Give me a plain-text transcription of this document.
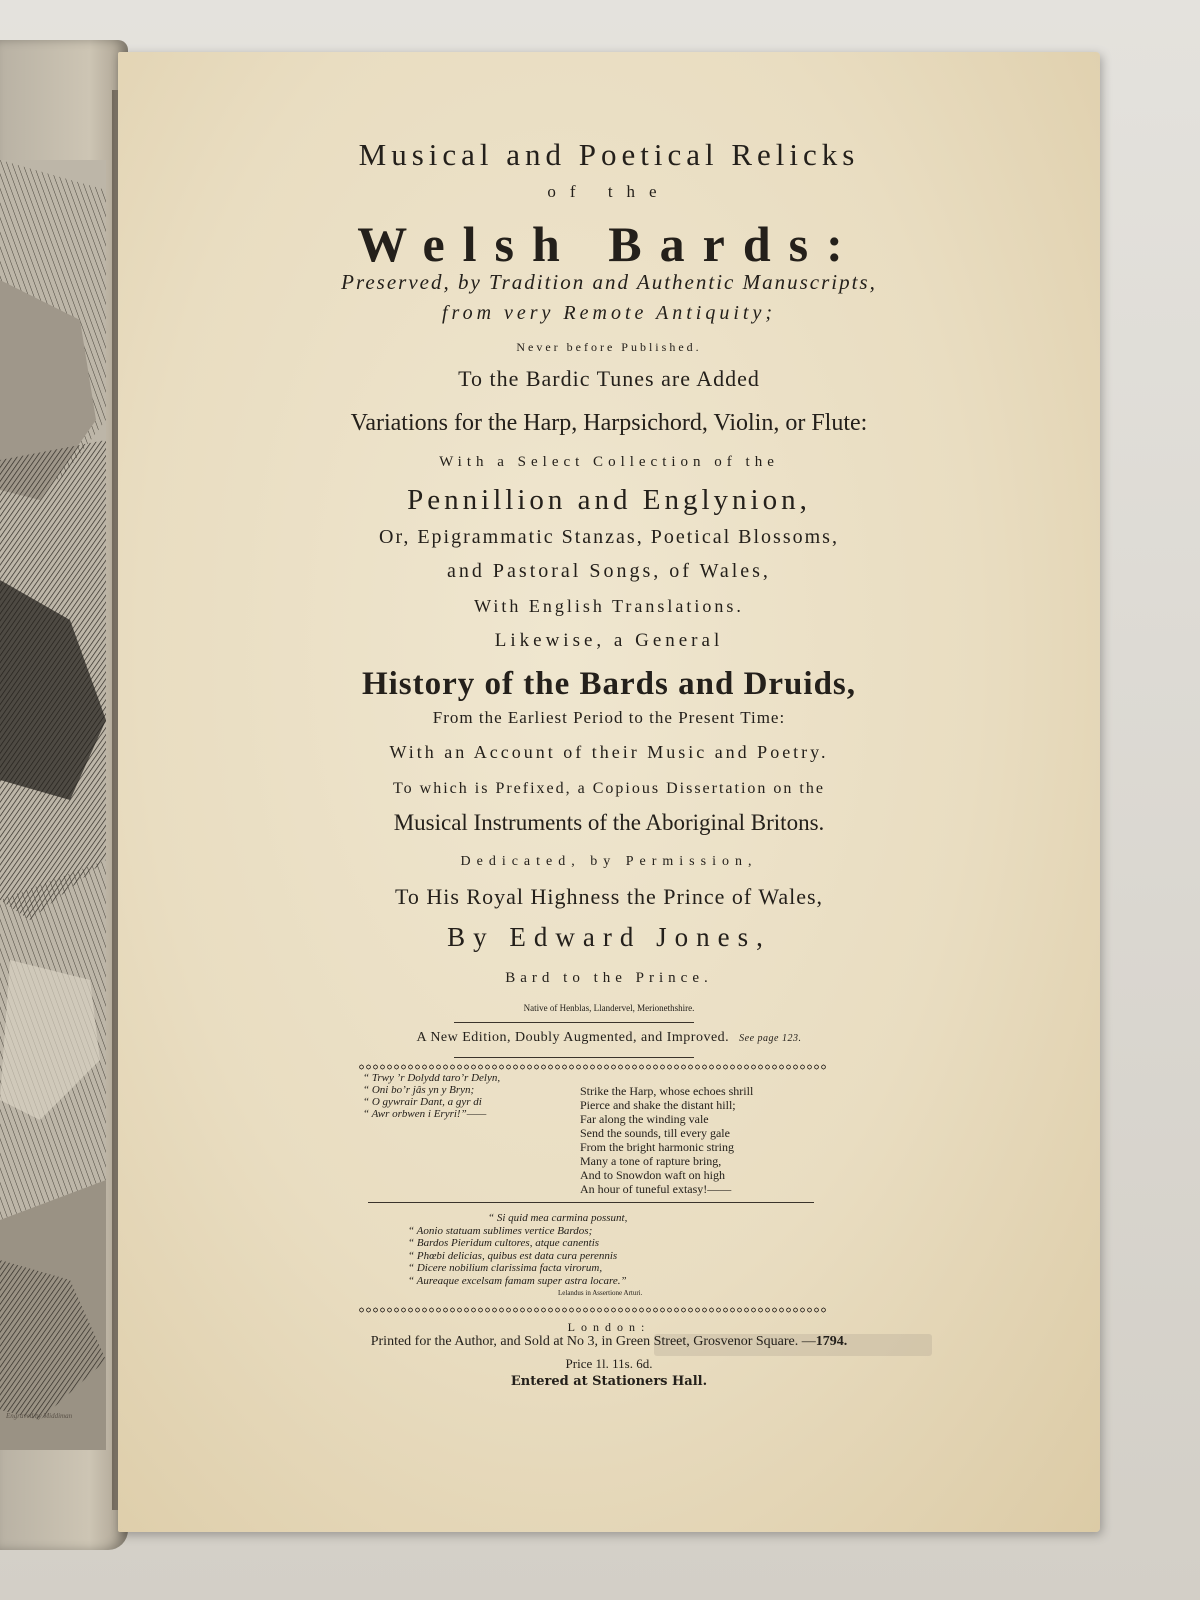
Engraved by Middiman
Musical and Poetical Relicks
of the
Welsh Bards:
Preserved, by Tradition and Authentic Manuscripts,
from very Remote Antiquity;
Never before Published.
To the Bardic Tunes are Added
Variations for the Harp, Harpsichord, Violin, or Flute:
With a Select Collection of the
Pennillion and Englynion,
Or, Epigrammatic Stanzas, Poetical Blossoms,
and Pastoral Songs, of Wales,
With English Translations.
Likewise, a General
History of the Bards and Druids,
From the Earliest Period to the Present Time:
With an Account of their Music and Poetry.
To which is Prefixed, a Copious Dissertation on the
Musical Instruments of the Aboriginal Britons.
Dedicated, by Permission,
To His Royal Highness the Prince of Wales,
By Edward Jones,
Bard to the Prince.
Native of Henblas, Llandervel, Merionethshire.
A New Edition, Doubly Augmented, and Improved. See page 123.
“ Trwy ’r Dolydd taro’r Delyn,
“ Oni bo’r jâs yn y Bryn;
“ O gywrair Dant, a gyr di
“ Awr orbwen i Eryri!”——
Strike the Harp, whose echoes shrill
Pierce and shake the distant hill;
Far along the winding vale
Send the sounds, till every gale
From the bright harmonic string
Many a tone of rapture bring,
And to Snowdon waft on high
An hour of tuneful extasy!——
“ Si quid mea carmina possunt,
“ Aonio statuam sublimes vertice Bardos;
“ Bardos Pieridum cultores, atque canentis
“ Phœbi delicias, quibus est data cura perennis
“ Dicere nobilium clarissima facta virorum,
“ Aureaque excelsam famam super astra locare.”
Lelandus in Assertione Arturi.
London:
Printed for the Author, and Sold at No 3, in Green Street, Grosvenor Square. —1794.
Price 1l. 11s. 6d.
Entered at Stationers Hall.
